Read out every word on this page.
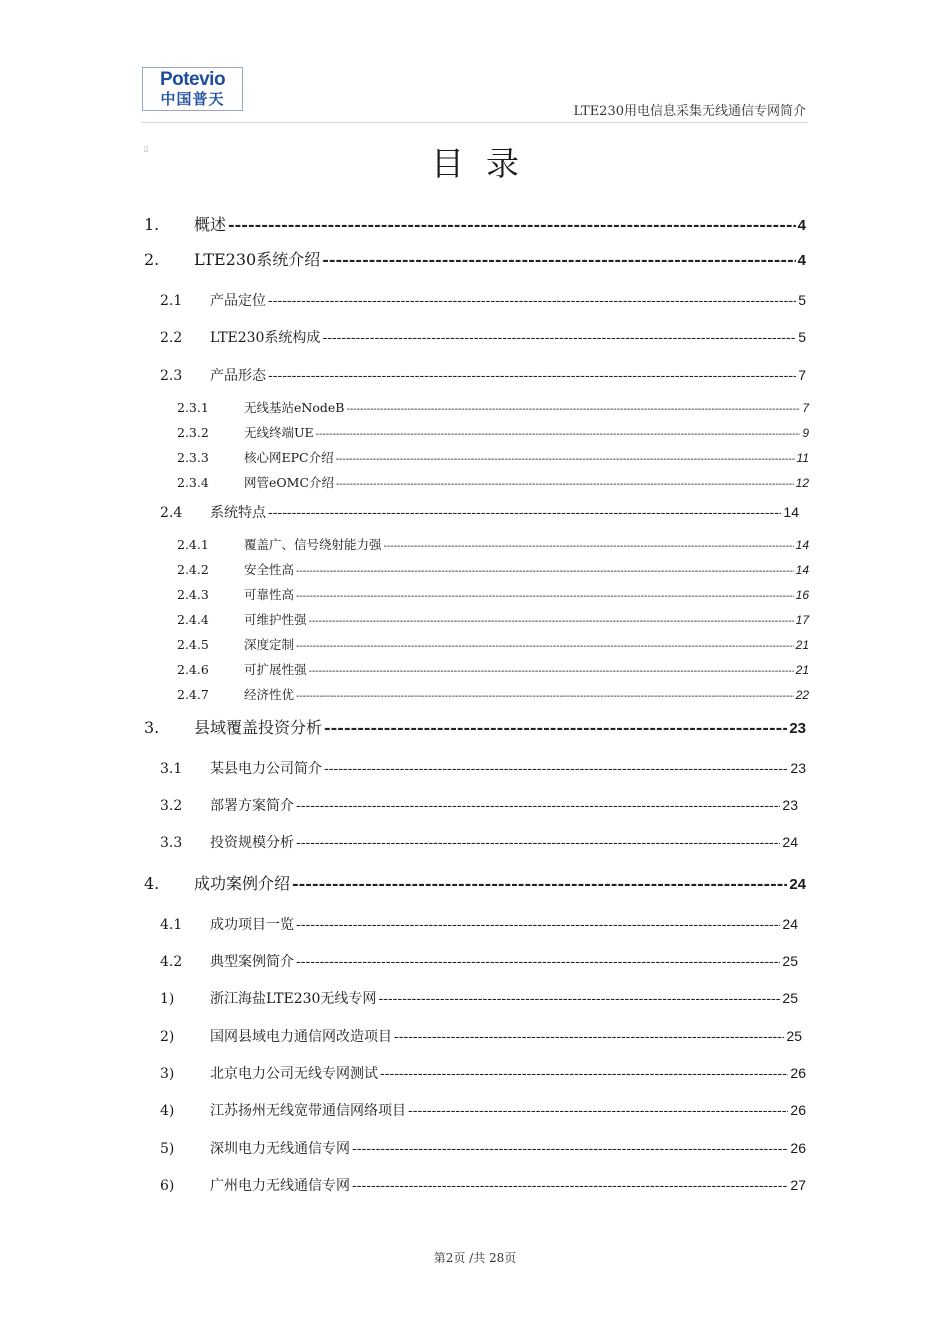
Potevio
中国普天
LTE230用电信息采集无线通信专网简介
▯	目录
1.	概述 -----	4
2.	LTE230系统介绍 -----	4
2.1	产品定位 -----	5
2.2	LTE230系统构成 -----	5
2.3	产品形态 -----	7
2.3.1	无线基站eNodeB -----	7
2.3.2	无线终端UE -----	9
2.3.3	核心网EPC介绍 -----	11
2.3.4	网管eOMC介绍 -----	12
2.4	系统特点 -----	14
2.4.1	覆盖广、信号绕射能力强 -----	14
2.4.2	安全性高 -----	14
2.4.3	可靠性高 -----	16
2.4.4	可维护性强 -----	17
2.4.5	深度定制 -----	21
2.4.6	可扩展性强 -----	21
2.4.7	经济性优 -----	22
3.	县域覆盖投资分析 -----	23
3.1	某县电力公司简介 -----	23
3.2	部署方案简介 -----	23
3.3	投资规模分析 -----	24
4.	成功案例介绍 -----	24
4.1	成功项目一览 -----	24
4.2	典型案例简介 -----	25
1)	浙江海盐LTE230无线专网 -----	25
2)	国网县域电力通信网改造项目 -----	25
3)	北京电力公司无线专网测试 -----	26
4)	江苏扬州无线宽带通信网络项目 -----	26
5)	深圳电力无线通信专网 -----	26
6)	广州电力无线通信专网 -----	27
第2页 /共 28页
